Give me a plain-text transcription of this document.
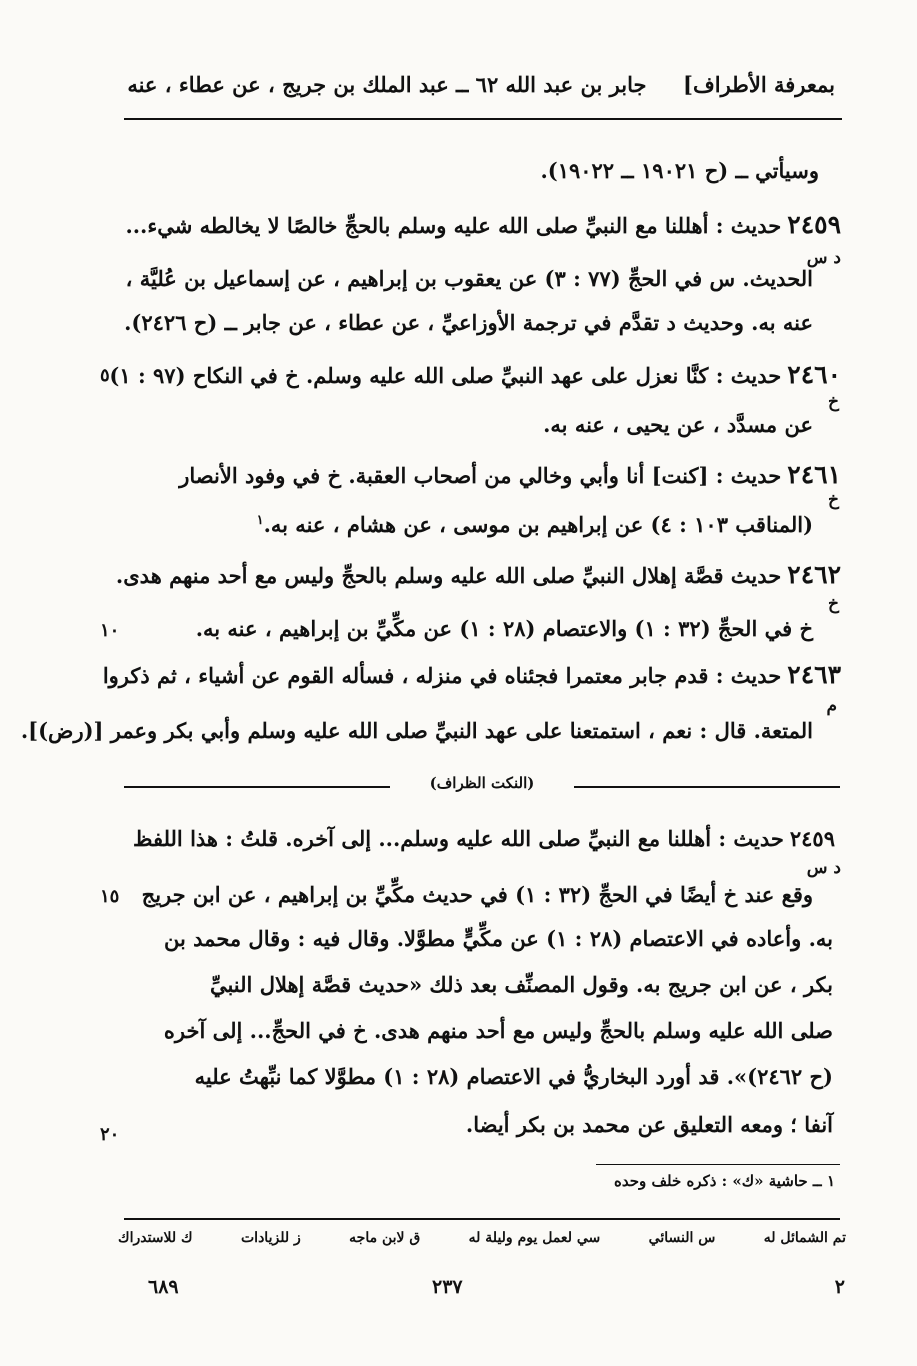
بمعرفة الأطراف]     جابر بن عبد الله ٦٢ ــ عبد الملك بن جريج ، عن عطاء ، عنه
وسيأتي ــ (ح ١٩٠٢١ ــ ١٩٠٢٢).
٢٤٥٩حديث : أهللنا مع النبيِّ صلى الله عليه وسلم بالحجِّ خالصًا لا يخالطه شيء...
د س
الحديث. س في الحجِّ (٧٧ : ٣) عن يعقوب بن إبراهيم ، عن إسماعيل بن عُليَّة ،
عنه به. وحديث د تقدَّم في ترجمة الأوزاعيِّ ، عن عطاء ، عن جابر ــ (ح ٢٤٢٦).
٢٤٦٠حديث : كنَّا نعزل على عهد النبيِّ صلى الله عليه وسلم. خ في النكاح (٩٧ : ١)
٥
خ
عن مسدَّد ، عن يحيى ، عنه به.
٢٤٦١حديث : [كنت] أنا وأبي وخالي من أصحاب العقبة. خ في وفود الأنصار
خ
(المناقب ١٠٣ : ٤) عن إبراهيم بن موسى ، عن هشام ، عنه به.$^١$
٢٤٦٢حديث قصَّة إهلال النبيِّ صلى الله عليه وسلم بالحجِّ وليس مع أحد منهم هدى.
خ
خ في الحجِّ (٣٢ : ١) والاعتصام (٢٨ : ١) عن مكِّيِّ بن إبراهيم ، عنه به.
١٠
٢٤٦٣حديث : قدم جابر معتمرا فجئناه في منزله ، فسأله القوم عن أشياء ، ثم ذكروا
م
المتعة. قال : نعم ، استمتعنا على عهد النبيِّ صلى الله عليه وسلم وأبي بكر وعمر [(رض)].
(النكت الظراف)
٢٤٥٩حديث : أهللنا مع النبيِّ صلى الله عليه وسلم... إلى آخره. قلتُ : هذا اللفظ
د س
وقع عند خ أيضًا في الحجِّ (٣٢ : ١) في حديث مكِّيِّ بن إبراهيم ، عن ابن جريج
١٥
به. وأعاده في الاعتصام (٢٨ : ١) عن مكِّيٍّ مطوَّلا. وقال فيه : وقال محمد بن
بكر ، عن ابن جريج به. وقول المصنِّف بعد ذلك «حديث قصَّة إهلال النبيِّ
صلى الله عليه وسلم بالحجِّ وليس مع أحد منهم هدى. خ في الحجِّ... إلى آخره
(ح ٢٤٦٢)». قد أورد البخاريُّ في الاعتصام (٢٨ : ١) مطوَّلا كما نبِّهتُ عليه
آنفا ؛ ومعه التعليق عن محمد بن بكر أيضا.
٢٠
١ ــ حاشية «ك» : ذكره خلف وحده
تم الشمائل له
س النسائي
سي لعمل يوم وليلة له
ق لابن ماجه
ز للزيادات
ك للاستدراك
٢
٢٣٧
٦٨٩
